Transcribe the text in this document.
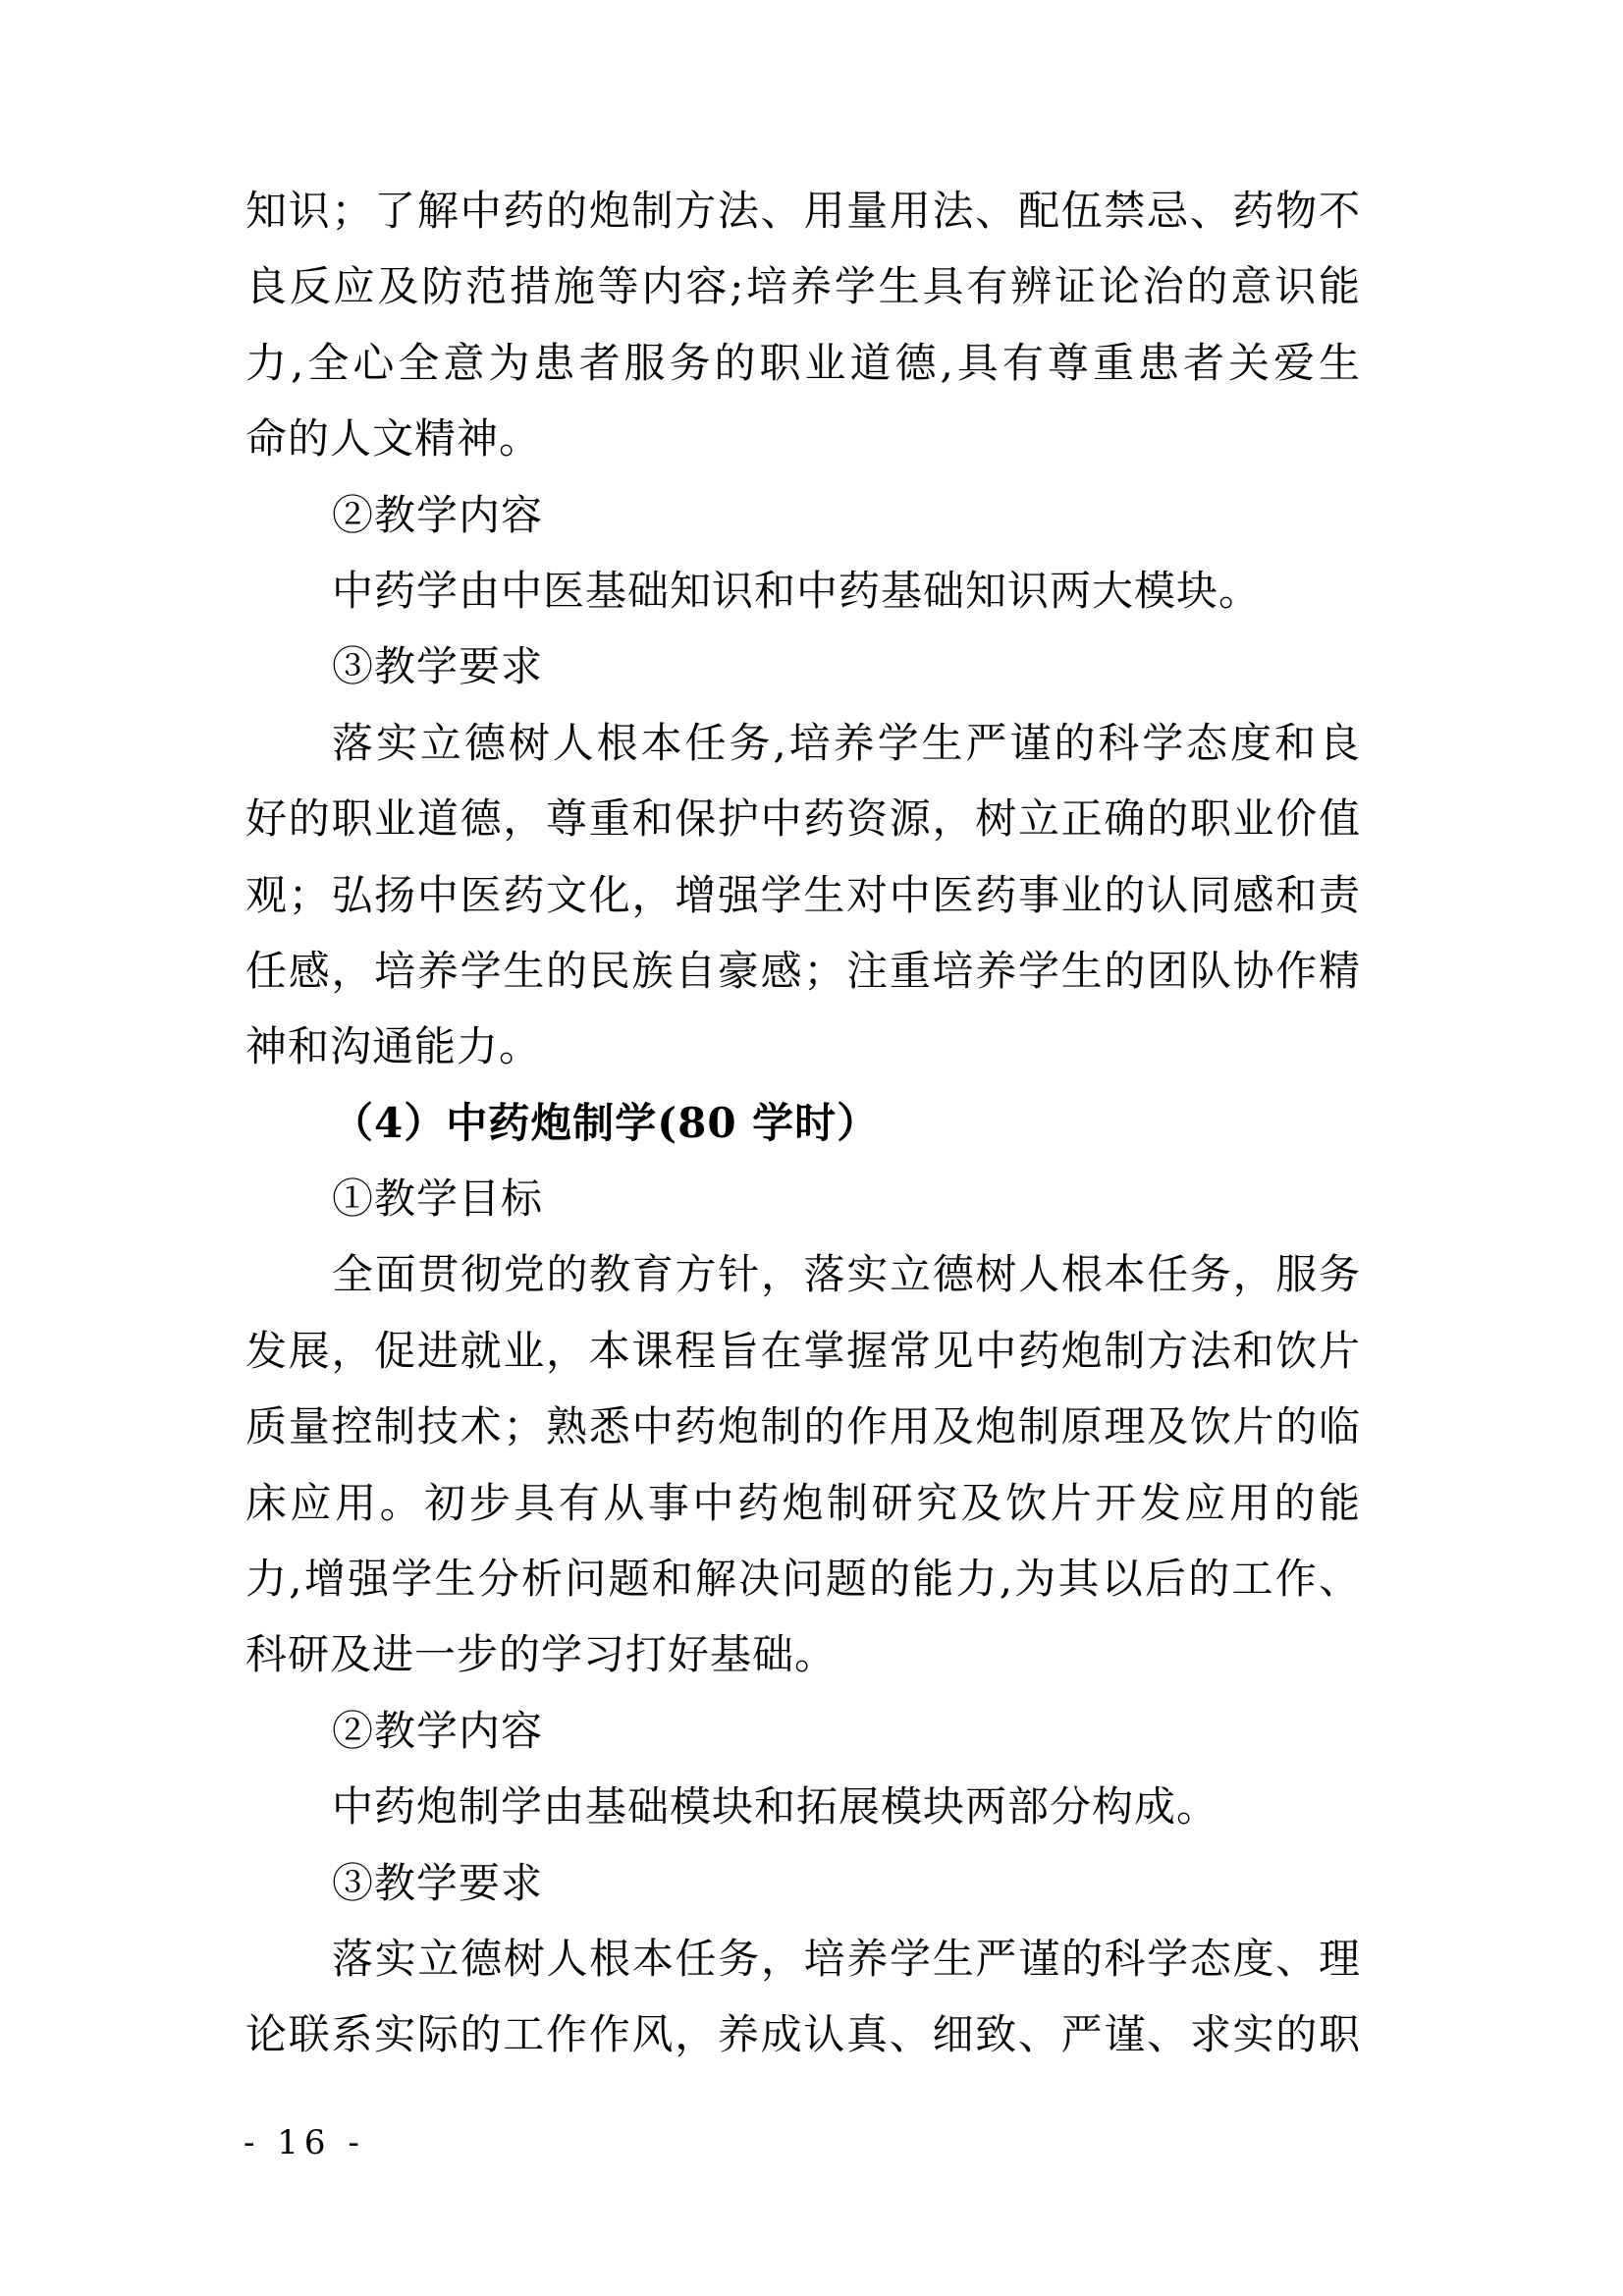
知识；了解中药的炮制方法、用量用法、配伍禁忌、药物不
良反应及防范措施等内容;培养学生具有辨证论治的意识能
力,全心全意为患者服务的职业道德,具有尊重患者关爱生
命的人文精神。
②教学内容
中药学由中医基础知识和中药基础知识两大模块。
③教学要求
落实立德树人根本任务,培养学生严谨的科学态度和良
好的职业道德，尊重和保护中药资源，树立正确的职业价值
观；弘扬中医药文化，增强学生对中医药事业的认同感和责
任感，培养学生的民族自豪感；注重培养学生的团队协作精
神和沟通能力。
（4）中药炮制学(80 学时）
①教学目标
全面贯彻党的教育方针，落实立德树人根本任务，服务
发展，促进就业，本课程旨在掌握常见中药炮制方法和饮片
质量控制技术；熟悉中药炮制的作用及炮制原理及饮片的临
床应用。初步具有从事中药炮制研究及饮片开发应用的能
力,增强学生分析问题和解决问题的能力,为其以后的工作、
科研及进一步的学习打好基础。
②教学内容
中药炮制学由基础模块和拓展模块两部分构成。
③教学要求
落实立德树人根本任务，培养学生严谨的科学态度、理
论联系实际的工作作风，养成认真、细致、严谨、求实的职
- 16 -
